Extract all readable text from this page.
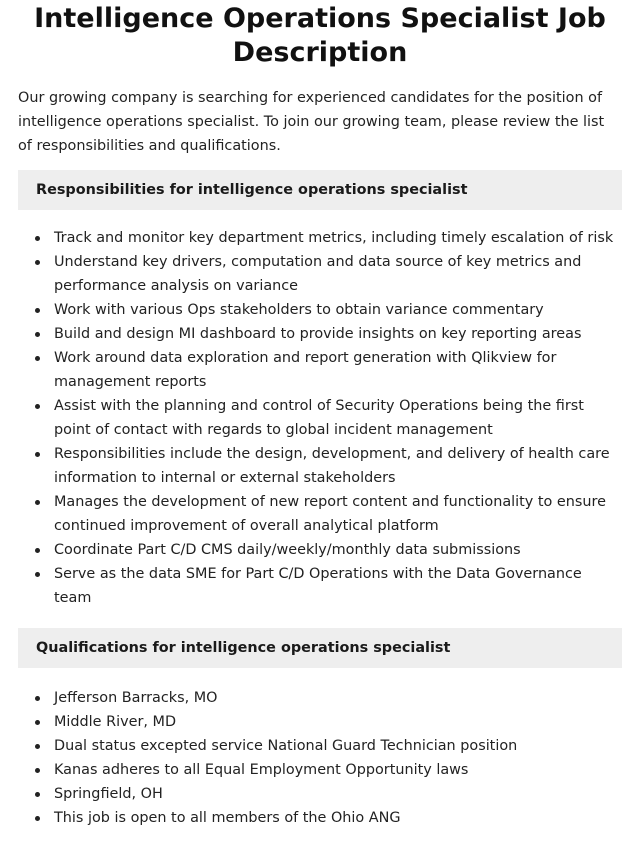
Intelligence Operations Specialist Job Description

Our growing company is searching for experienced candidates for the position of intelligence operations specialist. To join our growing team, please review the list of responsibilities and qualifications.

Responsibilities for intelligence operations specialist
Track and monitor key department metrics, including timely escalation of risk
Understand key drivers, computation and data source of key metrics and performance analysis on variance
Work with various Ops stakeholders to obtain variance commentary
Build and design MI dashboard to provide insights on key reporting areas
Work around data exploration and report generation with Qlikview for management reports
Assist with the planning and control of Security Operations being the first point of contact with regards to global incident management
Responsibilities include the design, development, and delivery of health care information to internal or external stakeholders
Manages the development of new report content and functionality to ensure continued improvement of overall analytical platform
Coordinate Part C/D CMS daily/weekly/monthly data submissions
Serve as the data SME for Part C/D Operations with the Data Governance team
Qualifications for intelligence operations specialist
Jefferson Barracks, MO
Middle River, MD
Dual status excepted service National Guard Technician position
Kanas adheres to all Equal Employment Opportunity laws
Springfield, OH
This job is open to all members of the Ohio ANG
